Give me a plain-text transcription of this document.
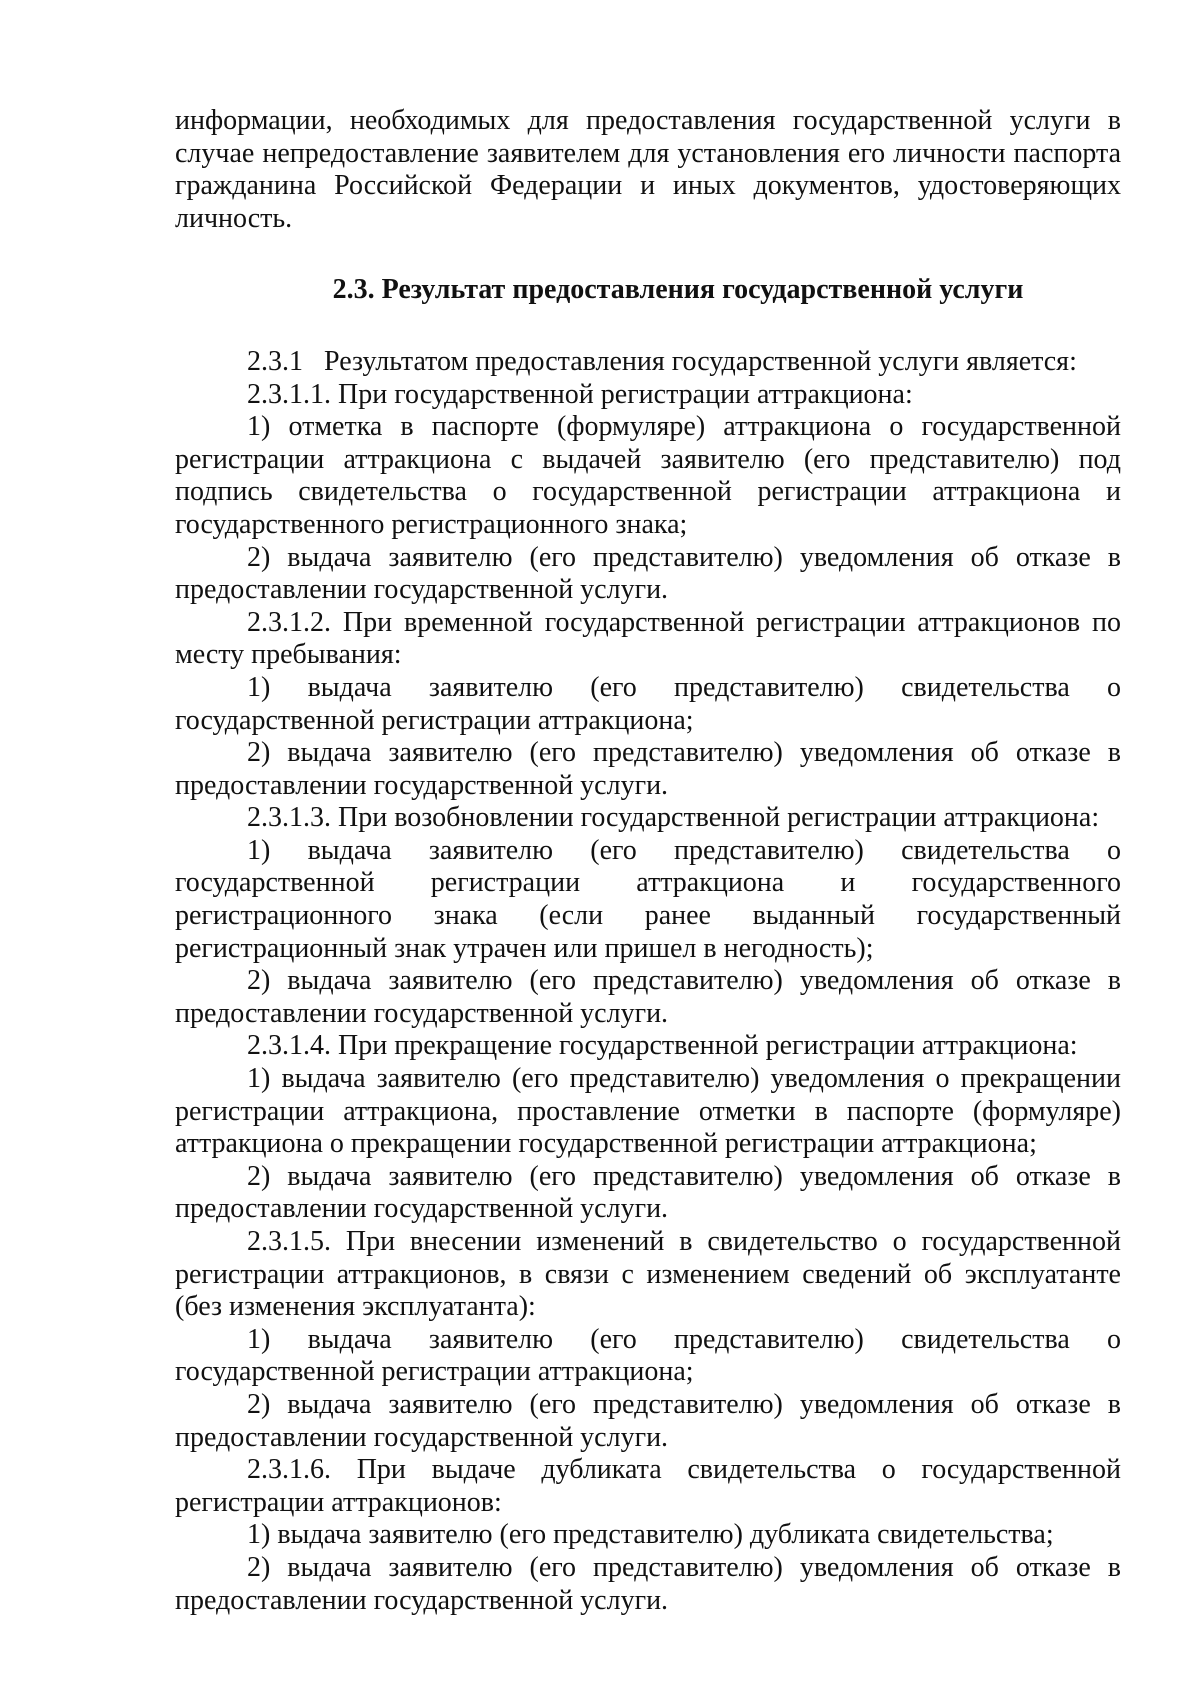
информации, необходимых для предоставления государственной услуги в случае непредоставление заявителем для установления его личности паспорта гражданина Российской Федерации и иных документов, удостоверяющих личность.

2.3. Результат предоставления государственной услуги

2.3.1   Результатом предоставления государственной услуги является:

2.3.1.1. При государственной регистрации аттракциона:

1) отметка в паспорте (формуляре) аттракциона о государственной регистрации аттракциона с выдачей заявителю (его представителю) под подпись свидетельства о государственной регистрации аттракциона и государственного регистрационного знака;

2) выдача заявителю (его представителю) уведомления об отказе в предоставлении государственной услуги.

2.3.1.2. При временной государственной регистрации аттракционов по месту пребывания:

1) выдача заявителю (его представителю) свидетельства о государственной регистрации аттракциона;

2) выдача заявителю (его представителю) уведомления об отказе в предоставлении государственной услуги.

2.3.1.3. При возобновлении государственной регистрации аттракциона:

1) выдача заявителю (его представителю) свидетельства о государственной регистрации аттракциона и государственного регистрационного знака (если ранее выданный государственный регистрационный знак утрачен или пришел в негодность);

2) выдача заявителю (его представителю) уведомления об отказе в предоставлении государственной услуги.

2.3.1.4. При прекращение государственной регистрации аттракциона:

1) выдача заявителю (его представителю) уведомления о прекращении регистрации аттракциона, проставление отметки в паспорте (формуляре) аттракциона о прекращении государственной регистрации аттракциона;

2) выдача заявителю (его представителю) уведомления об отказе в предоставлении государственной услуги.

2.3.1.5. При внесении изменений в свидетельство о государственной регистрации аттракционов, в связи с изменением сведений об эксплуатанте (без изменения эксплуатанта):

1) выдача заявителю (его представителю) свидетельства о государственной регистрации аттракциона;

2) выдача заявителю (его представителю) уведомления об отказе в предоставлении государственной услуги.

2.3.1.6. При выдаче дубликата свидетельства о государственной регистрации аттракционов:

1) выдача заявителю (его представителю) дубликата свидетельства;

2) выдача заявителю (его представителю) уведомления об отказе в предоставлении государственной услуги.
